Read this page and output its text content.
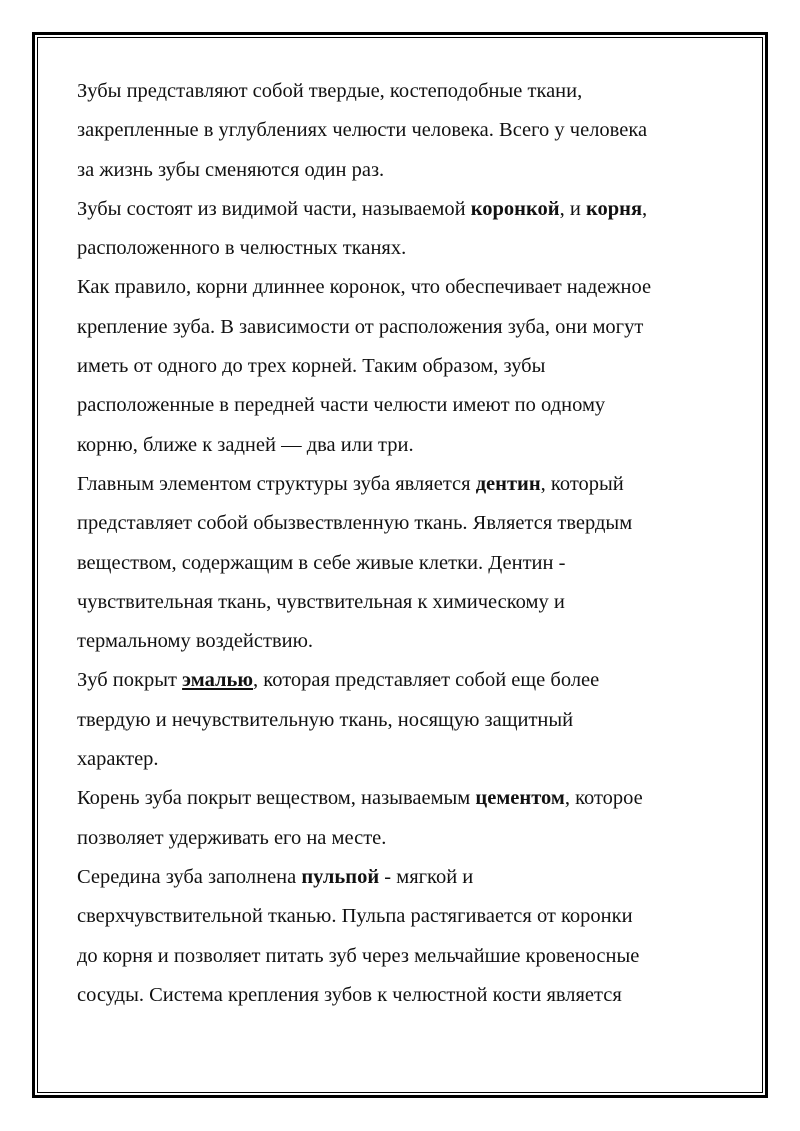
Зубы представляют собой твердые, костеподобные ткани,
закрепленные в углублениях челюсти человека. Всего у человека
за жизнь зубы сменяются один раз.

Зубы состоят из видимой части, называемой коронкой, и корня,
расположенного в челюстных тканях.

Как правило, корни длиннее коронок, что обеспечивает надежное
крепление зуба. В зависимости от расположения зуба, они могут
иметь от одного до трех корней. Таким образом, зубы
расположенные в передней части челюсти имеют по одному
корню, ближе к задней — два или три.

Главным элементом структуры зуба является дентин, который
представляет собой обызвествленную ткань. Является твердым
веществом, содержащим в себе живые клетки. Дентин -
чувствительная ткань, чувствительная к химическому и
термальному воздействию.

Зуб покрыт эмалью, которая представляет собой еще более
твердую и нечувствительную ткань, носящую защитный
характер.

Корень зуба покрыт веществом, называемым цементом, которое
позволяет удерживать его на месте.

Середина зуба заполнена пульпой - мягкой и
сверхчувствительной тканью. Пульпа растягивается от коронки
до корня и позволяет питать зуб через мельчайшие кровеносные
сосуды. Система крепления зубов к челюстной кости является
